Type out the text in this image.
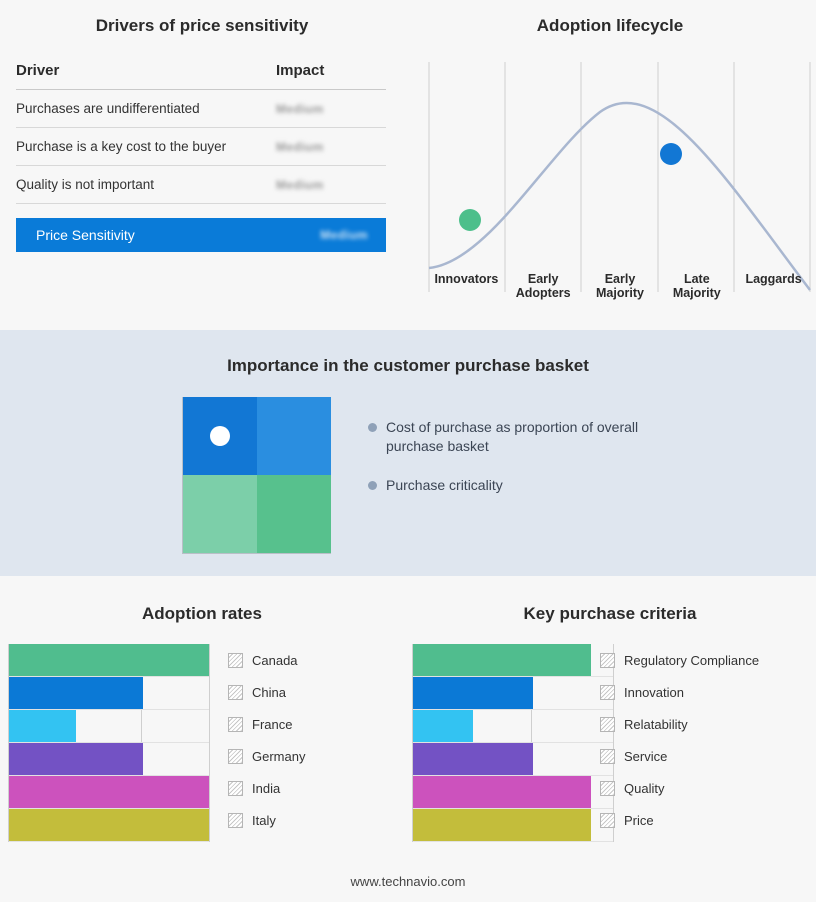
Drivers of price sensitivity
Driver	Impact
Purchases are undifferentiated	Medium
Purchase is a key cost to the buyer	Medium
Quality is not important	Medium
Price Sensitivity	Medium
Adoption lifecycle
Innovators	Early
Adopters
Early
Majority
Late
Majority
Laggards
Importance in the customer purchase basket
Cost of purchase as proportion of overall purchase basket
Purchase criticality
Adoption rates
Canada
China
France
Germany
India
Italy
Key purchase criteria
Regulatory Compliance
Innovation
Relatability
Service
Quality
Price
www.technavio.com
